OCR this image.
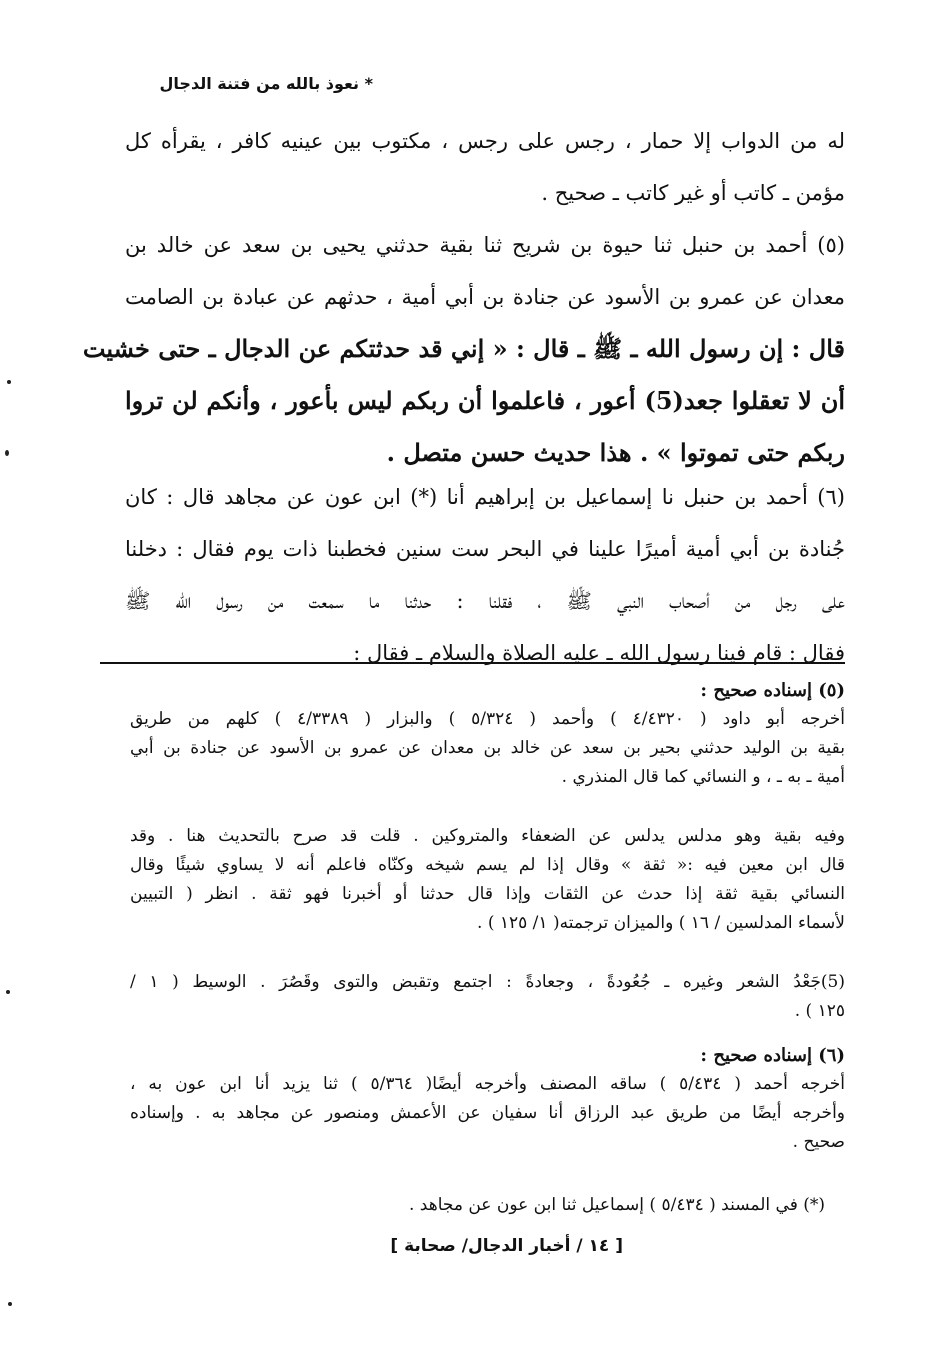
* نعوذ بالله من فتنة الدجال
له من الدواب إلا حمار ، رجس على رجس ، مكتوب بين عينيه كافر ، يقرأه كل
مؤمن ـ كاتب أو غير كاتب ـ صحيح .
(٥) أحمد بن حنبل ثنا حيوة بن شريح ثنا بقية حدثني يحيى بن سعد عن خالد بن
معدان عن عمرو بن الأسود عن جنادة بن أبي أمية ، حدثهم عن عبادة بن الصامت
قال : إن رسول الله ـ ﷺ ـ قال : « إني قد حدثتكم عن الدجال ـ حتى خشيت
أن لا تعقلوا جعد(5) أعور ، فاعلموا أن ربكم ليس بأعور ، وأنكم لن تروا
ربكم حتى تموتوا » . هذا حديث حسن متصل .
(٦) أحمد بن حنبل نا إسماعيل بن إبراهيم أنا (*) ابن عون عن مجاهد قال : كان
جُنادة بن أبي أمية أميرًا علينا في البحر ست سنين فخطبنا ذات يوم فقال : دخلنا
على رجل من أصحاب النبي ﷺ ، فقلنا : حدثنا ما سمعت من رسول الله ﷺ
فقال : قام فينا رسول الله ـ عليه الصلاة والسلام ـ فقال :
(٥) إسناده صحيح :
أخرجه أبو داود ( ٤/٤٣٢٠ ) وأحمد ( ٥/٣٢٤ ) والبزار ( ٤/٣٣٨٩ ) كلهم من طريق
بقية بن الوليد حدثني بحير بن سعد عن خالد بن معدان عن عمرو بن الأسود عن جنادة بن أبي
أمية ـ به ـ ، و النسائي كما قال المنذري .
وفيه بقية وهو مدلس يدلس عن الضعفاء والمتروكين . قلت قد صرح بالتحديث هنا . وقد
قال ابن معين فيه :« ثقة » وقال إذا لم يسم شيخه وكنّاه فاعلم أنه لا يساوي شيئًا وقال
النسائي بقية ثقة إذا حدث عن الثقات وإذا قال حدثنا أو أخبرنا فهو ثقة . انظر ( التبيين
لأسماء المدلسين / ١٦ ) والميزان ترجمته( ١/ ١٢٥ ) .
(5)جَعْدُ الشعر وغيره ـ جُعُودةً ، وجعادةً : اجتمع وتقبض والتوى وقَصُرَ . الوسيط ( ١ /
١٢٥ ) .
(٦) إسناده صحيح :
أخرجه أحمد ( ٥/٤٣٤ ) ساقه المصنف وأخرجه أيضًا( ٥/٣٦٤ ) ثنا يزيد أنا ابن عون به ،
وأخرجه أيضًا من طريق عبد الرزاق أنا سفيان عن الأعمش ومنصور عن مجاهد به . وإسناده
صحيح .
(*) في المسند ( ٥/٤٣٤ ) إسماعيل ثنا ابن عون عن مجاهد .
[ ١٤ / أخبار الدجال/ صحابة ]
